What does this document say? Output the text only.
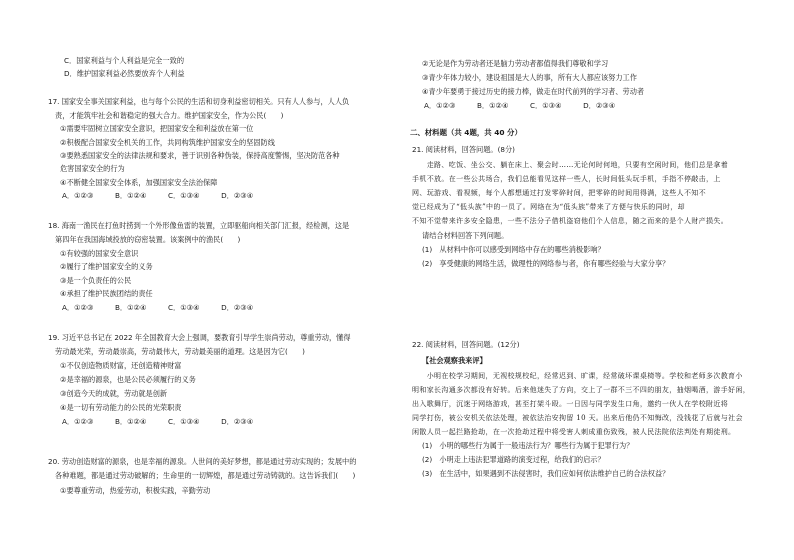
C．国家利益与个人利益是完全一致的
D．维护国家利益必然要放弃个人利益
17. 国家安全事关国家利益，也与每个公民的生活和切身利益密切相关。只有人人参与，人人负
责，才能筑牢社会和谐稳定的强大合力。维护国家安全，作为公民(　　)
①需要牢固树立国家安全意识，把国家安全和利益放在第一位
②积极配合国家安全机关的工作，共同构筑维护国家安全的坚固防线
③要熟悉国家安全的法律法规和要求，善于识别各种伪装，保持高度警惕，坚决防范各种
危害国家安全的行为
④不断健全国家安全体系，加强国家安全法治保障
A．①②③　　　B．①②④　　　C．①③④　　　D．②③④
18. 海南一渔民在打鱼时捞到一个外形像鱼雷的装置，立即驱船向相关部门汇报，经检测，这是
第四年在我国海域投放的窃密装置。该案例中的渔民(　　)
①有较强的国家安全意识
②履行了维护国家安全的义务
③是一个负责任的公民
④承担了维护民族团结的责任
A．①②③　　　B．①②④　　　C．①③④　　　D．②③④
19. 习近平总书记在 2022 年全国教育大会上强调，要教育引导学生崇尚劳动，尊重劳动，懂得
劳动最光荣，劳动最崇高，劳动最伟大，劳动最美丽的道理。这是因为它(　　)
①不仅创造物质财富，还创造精神财富
②是幸福的源泉，也是公民必须履行的义务
③创造今天的成就，劳动就是创新
④是一切有劳动能力的公民的光荣职责
A．①②③　　　B．①②④　　　C．①③④　　　D．②③④
20. 劳动创造财富的源泉，也是幸福的源泉。人世间的美好梦想，都是通过劳动实现的；发展中的
各种难题，都是通过劳动破解的；生命里的一切辉煌，都是通过劳动铸就的。这告诉我们(　　)
①要尊重劳动，热爱劳动，积极实践，辛勤劳动
②无论是作为劳动者还是脑力劳动者都值得我们尊敬和学习
③青少年体力较小，建设祖国是大人的事，所有大人都应该努力工作
④青少年要勇于接过历史的接力棒，做走在时代前列的学习者、劳动者
A．①②③　　　B．①②④　　　C．①③④　　　D．②③④
二、材料题（共 4题，共 40 分）
21. 阅读材料，回答问题。(8分)
　　走路、吃饭、坐公交、躺在床上、聚会时……无论何时何地，只要有空闲时间，他们总是拿着
手机不放。在一些公共场合，我们总能看见这样一些人，长时间低头玩手机，手指不停敲击，上
网、玩游戏、看视频，每个人都想通过打发零碎时间，把零碎的时间用得满，这些人不知不
觉已经成为了“低头族”中的一员了。网络在为“低头族”带来了方便与快乐的同时，却
不知不觉带来许多安全隐患，一些不法分子借机盗窃他们个人信息，随之而来的是个人财产损失。
请结合材料回答下列问题。
(1)　从材料中你可以感受到网络中存在的哪些消极影响？
(2)　享受健康的网络生活，做理性的网络参与者，你有哪些经验与大家分享？
22. 阅读材料，回答问题。(12分)
【社会观察我来评】
　　小明在校学习期间，无视校规校纪，经常迟到、旷课，经常破坏课桌椅等。学校和老师多次教育小
明和家长沟通多次都没有好转。后来他迷失了方向，交上了一群不三不四的朋友，抽烟喝酒，游手好闲，
出入歌舞厅，沉迷于网络游戏，甚至打架斗殴。一日因与同学发生口角，邀约一伙人在学校附近将
同学打伤，被公安机关依法处理，被依法治安拘留 10 天。出来后他仍不知悔改，没钱花了后就与社会
闲散人员一起拦路抢劫，在一次抢劫过程中将受害人刺成重伤致残，被人民法院依法判处有期徒刑。
(1)　小明的哪些行为属于一般违法行为？哪些行为属于犯罪行为？
(2)　小明走上违法犯罪道路的演变过程，给我们的启示？
(3)　在生活中，如果遇到不法侵害时，我们应如何依法维护自己的合法权益？
